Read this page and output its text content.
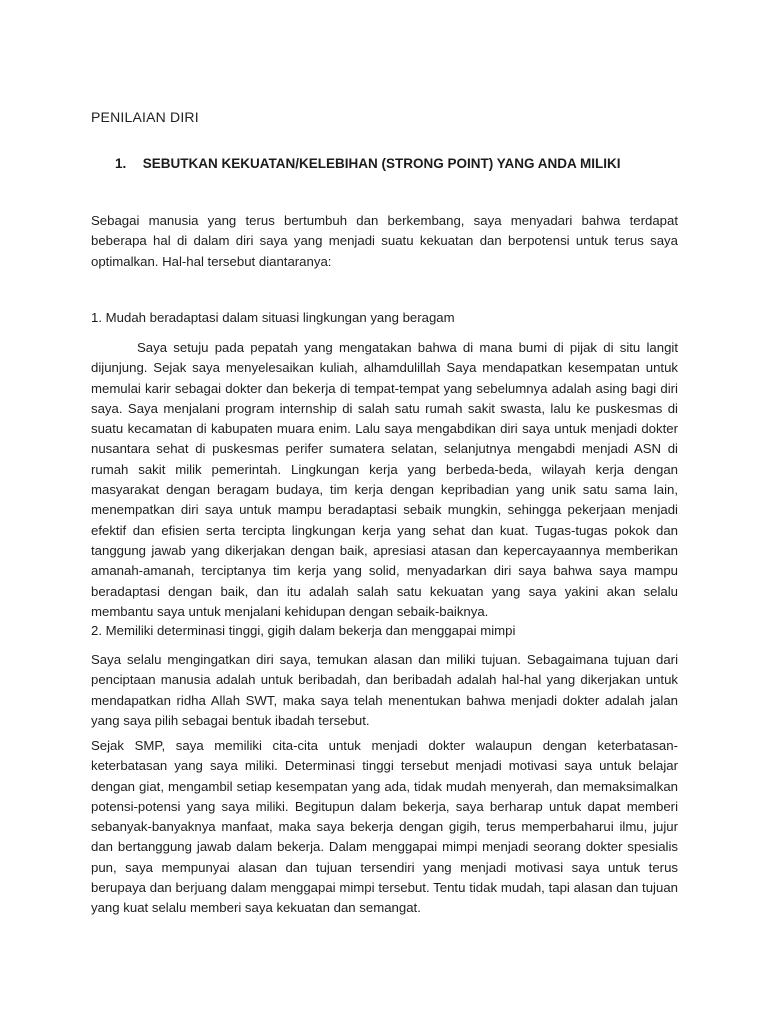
PENILAIAN DIRI
1. SEBUTKAN KEKUATAN/KELEBIHAN (STRONG POINT) YANG ANDA MILIKI
Sebagai manusia yang terus bertumbuh dan berkembang, saya menyadari bahwa terdapat beberapa hal di dalam diri saya yang menjadi suatu kekuatan dan berpotensi untuk terus saya optimalkan. Hal-hal tersebut diantaranya:
1. Mudah beradaptasi dalam situasi lingkungan yang beragam
Saya setuju pada pepatah yang mengatakan bahwa di mana bumi di pijak di situ langit dijunjung. Sejak saya menyelesaikan kuliah, alhamdulillah Saya mendapatkan kesempatan untuk memulai karir sebagai dokter dan bekerja di tempat-tempat yang sebelumnya adalah asing bagi diri saya. Saya menjalani program internship di salah satu rumah sakit swasta, lalu ke puskesmas di suatu kecamatan di kabupaten muara enim. Lalu saya mengabdikan diri saya untuk menjadi dokter nusantara sehat di puskesmas perifer sumatera selatan, selanjutnya mengabdi menjadi ASN di rumah sakit milik pemerintah. Lingkungan kerja yang berbeda-beda, wilayah kerja dengan masyarakat dengan beragam budaya, tim kerja dengan kepribadian yang unik satu sama lain, menempatkan diri saya untuk mampu beradaptasi sebaik mungkin, sehingga pekerjaan menjadi efektif dan efisien serta tercipta lingkungan kerja yang sehat dan kuat. Tugas-tugas pokok dan tanggung jawab yang dikerjakan dengan baik, apresiasi atasan dan kepercayaannya memberikan amanah-amanah, terciptanya tim kerja yang solid, menyadarkan diri saya bahwa saya mampu beradaptasi dengan baik, dan itu adalah salah satu kekuatan yang saya yakini akan selalu membantu saya untuk menjalani kehidupan dengan sebaik-baiknya.
2. Memiliki determinasi tinggi, gigih dalam bekerja dan menggapai mimpi
Saya selalu mengingatkan diri saya, temukan alasan dan miliki tujuan. Sebagaimana tujuan dari penciptaan manusia adalah untuk beribadah, dan beribadah adalah hal-hal yang dikerjakan untuk mendapatkan ridha Allah SWT, maka saya telah menentukan bahwa menjadi dokter adalah jalan yang saya pilih sebagai bentuk ibadah tersebut.
Sejak SMP, saya memiliki cita-cita untuk menjadi dokter walaupun dengan keterbatasan-keterbatasan yang saya miliki. Determinasi tinggi tersebut menjadi motivasi saya untuk belajar dengan giat, mengambil setiap kesempatan yang ada, tidak mudah menyerah, dan memaksimalkan potensi-potensi yang saya miliki. Begitupun dalam bekerja, saya berharap untuk dapat memberi sebanyak-banyaknya manfaat, maka saya bekerja dengan gigih, terus memperbaharui ilmu, jujur dan bertanggung jawab dalam bekerja. Dalam menggapai mimpi menjadi seorang dokter spesialis pun, saya mempunyai alasan dan tujuan tersendiri yang menjadi motivasi saya untuk terus berupaya dan berjuang dalam menggapai mimpi tersebut. Tentu tidak mudah, tapi alasan dan tujuan yang kuat selalu memberi saya kekuatan dan semangat.
